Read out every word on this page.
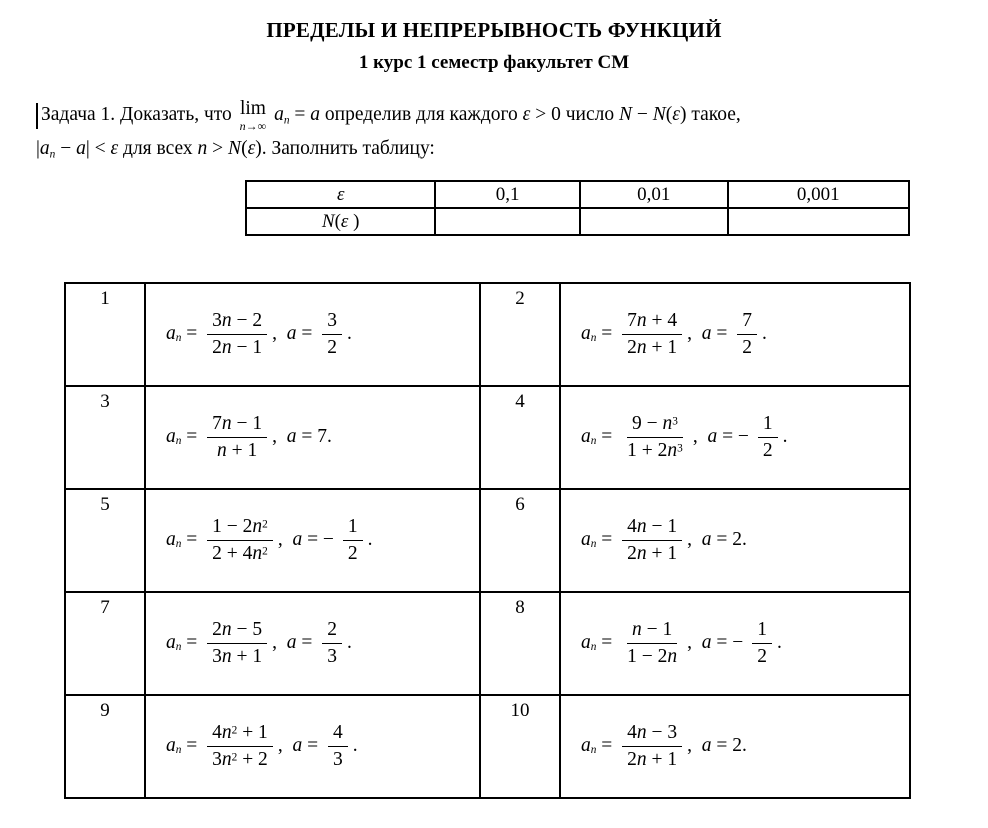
ПРЕДЕЛЫ И НЕПРЕРЫВНОСТЬ ФУНКЦИЙ
1 курс 1 семестр факультет СМ

Задача 1. Доказать, что lim
n→∞
$a_n = a$ определив для каждого ε > 0 число N − N(ε) такое,
$|a_n - a| < \varepsilon$ для всех n > N(ε). Заполнить таблицу:

ε	0,1	0,01	0,001
N(ε )			
1	$a_n = \frac{3n - 2}{2n - 1}$ ,  $a = \frac{3}{2}$ .	2	$a_n = \frac{7n + 4}{2n + 1}$ ,  $a = \frac{7}{2}$ .
3	$a_n = \frac{7n - 1}{n + 1}$ ,  a = 7.	4	$a_n = \frac{9 - n^3}{1 + 2n^3}$ ,  a = −  $\frac{1}{2}$ .
5	$a_n = \frac{1 - 2n^2}{2 + 4n^2}$ ,  a = −  $\frac{1}{2}$ .	6	$a_n = \frac{4n - 1}{2n + 1}$ ,  a = 2.
7	$a_n = \frac{2n - 5}{3n + 1}$ ,  $a = \frac{2}{3}$ .	8	$a_n = \frac{n - 1}{1 - 2n}$ ,  a = −  $\frac{1}{2}$ .
9	$a_n = \frac{4n^2 + 1}{3n^2 + 2}$ ,  $a = \frac{4}{3}$ .	10	$a_n = \frac{4n - 3}{2n + 1}$ ,  a = 2.
